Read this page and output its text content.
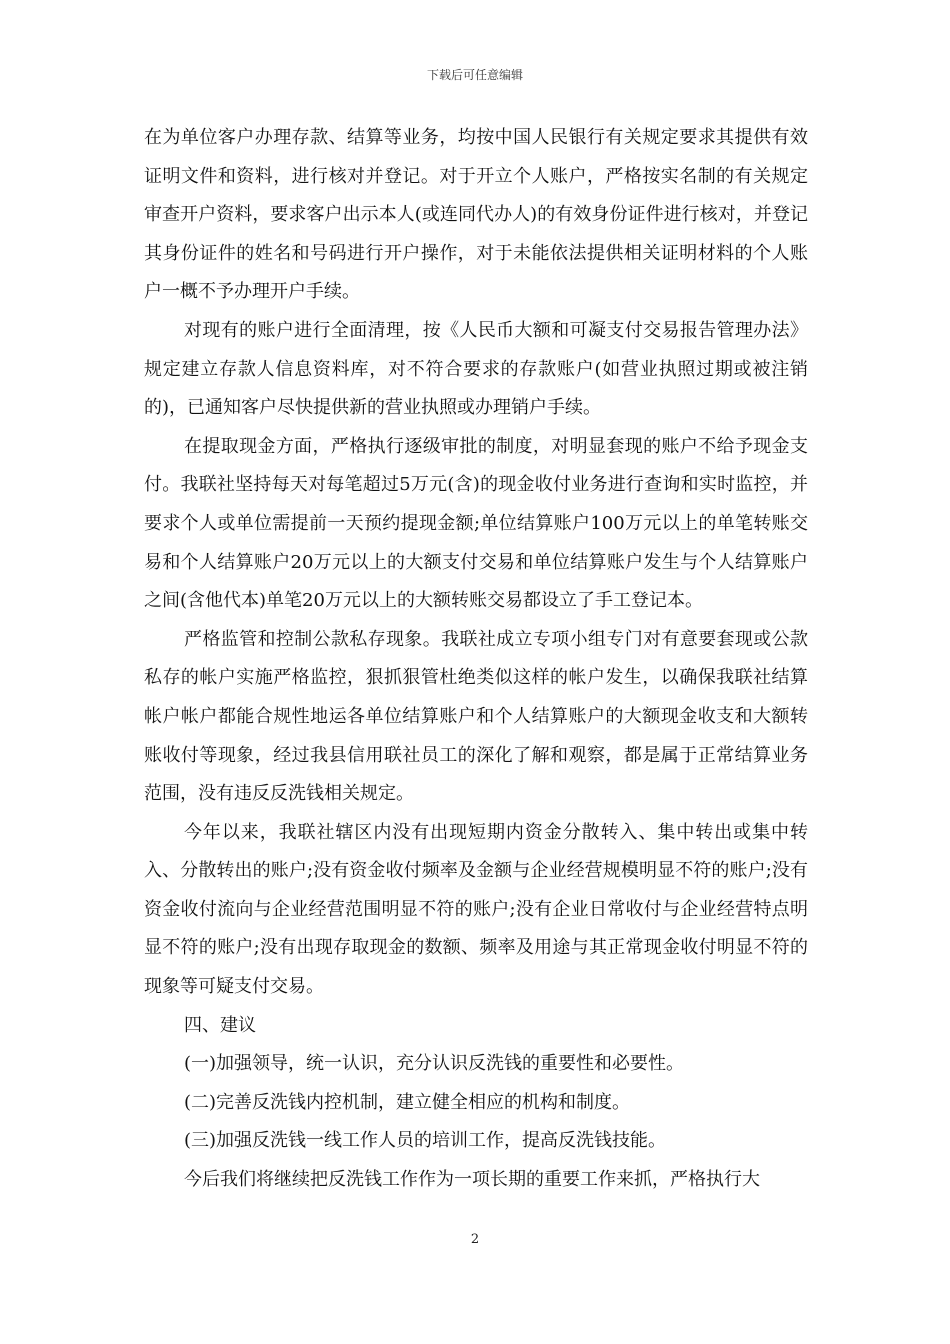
下载后可任意编辑

在为单位客户办理存款、结算等业务，均按中国人民银行有关规定要求其提供有效证明文件和资料，进行核对并登记。对于开立个人账户，严格按实名制的有关规定审查开户资料，要求客户出示本人(或连同代办人)的有效身份证件进行核对，并登记其身份证件的姓名和号码进行开户操作，对于未能依法提供相关证明材料的个人账户一概不予办理开户手续。

对现有的账户进行全面清理，按《人民币大额和可凝支付交易报告管理办法》规定建立存款人信息资料库，对不符合要求的存款账户(如营业执照过期或被注销的)，已通知客户尽快提供新的营业执照或办理销户手续。

在提取现金方面，严格执行逐级审批的制度，对明显套现的账户不给予现金支付。我联社坚持每天对每笔超过5万元(含)的现金收付业务进行查询和实时监控，并要求个人或单位需提前一天预约提现金额;单位结算账户100万元以上的单笔转账交易和个人结算账户20万元以上的大额支付交易和单位结算账户发生与个人结算账户之间(含他代本)单笔20万元以上的大额转账交易都设立了手工登记本。

严格监管和控制公款私存现象。我联社成立专项小组专门对有意要套现或公款私存的帐户实施严格监控，狠抓狠管杜绝类似这样的帐户发生，以确保我联社结算帐户帐户都能合规性地运各单位结算账户和个人结算账户的大额现金收支和大额转账收付等现象，经过我县信用联社员工的深化了解和观察，都是属于正常结算业务范围，没有违反反洗钱相关规定。

今年以来，我联社辖区内没有出现短期内资金分散转入、集中转出或集中转入、分散转出的账户;没有资金收付频率及金额与企业经营规模明显不符的账户;没有资金收付流向与企业经营范围明显不符的账户;没有企业日常收付与企业经营特点明显不符的账户;没有出现存取现金的数额、频率及用途与其正常现金收付明显不符的现象等可疑支付交易。

四、建议

(一)加强领导，统一认识，充分认识反洗钱的重要性和必要性。

(二)完善反洗钱内控机制，建立健全相应的机构和制度。

(三)加强反洗钱一线工作人员的培训工作，提高反洗钱技能。

今后我们将继续把反洗钱工作作为一项长期的重要工作来抓，严格执行大

2
